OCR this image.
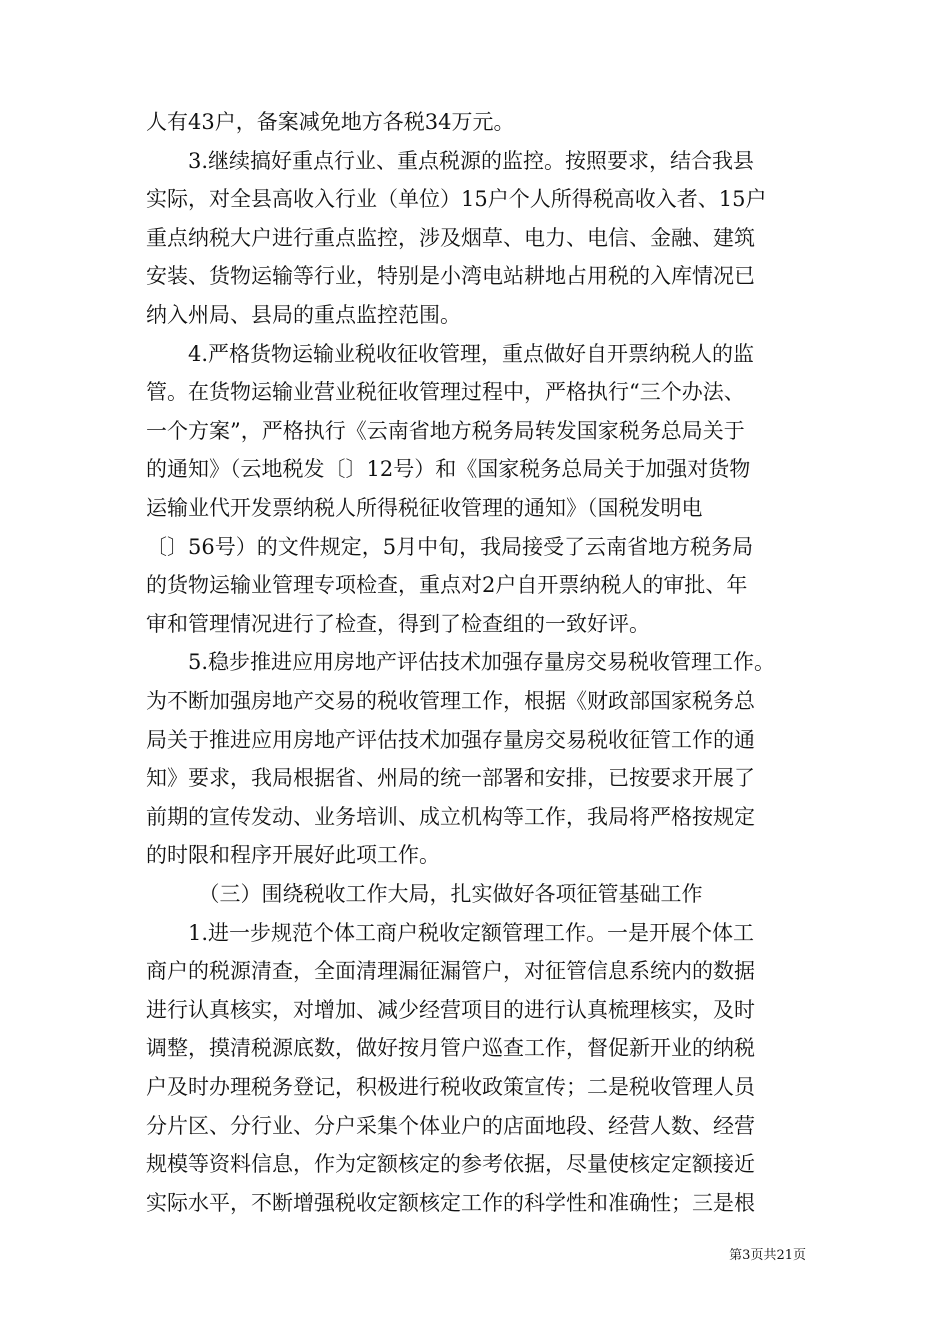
人有43户，备案减免地方各税34万元。
　　3.继续搞好重点行业、重点税源的监控。按照要求，结合我县
实际，对全县高收入行业（单位）15户个人所得税高收入者、15户
重点纳税大户进行重点监控，涉及烟草、电力、电信、金融、建筑
安装、货物运输等行业，特别是小湾电站耕地占用税的入库情况已
纳入州局、县局的重点监控范围。
　　4.严格货物运输业税收征收管理，重点做好自开票纳税人的监
管。在货物运输业营业税征收管理过程中，严格执行“三个办法、
一个方案”，严格执行《云南省地方税务局转发国家税务总局关于
的通知》（云地税发〔〕12号）和《国家税务总局关于加强对货物
运输业代开发票纳税人所得税征收管理的通知》（国税发明电
〔〕56号）的文件规定，5月中旬，我局接受了云南省地方税务局
的货物运输业管理专项检查，重点对2户自开票纳税人的审批、年
审和管理情况进行了检查，得到了检查组的一致好评。
　　5.稳步推进应用房地产评估技术加强存量房交易税收管理工作。
为不断加强房地产交易的税收管理工作，根据《财政部国家税务总
局关于推进应用房地产评估技术加强存量房交易税收征管工作的通
知》要求，我局根据省、州局的统一部署和安排，已按要求开展了
前期的宣传发动、业务培训、成立机构等工作，我局将严格按规定
的时限和程序开展好此项工作。
　　　（三）围绕税收工作大局，扎实做好各项征管基础工作
　　1.进一步规范个体工商户税收定额管理工作。一是开展个体工
商户的税源清查，全面清理漏征漏管户，对征管信息系统内的数据
进行认真核实，对增加、减少经营项目的进行认真梳理核实，及时
调整，摸清税源底数，做好按月管户巡查工作，督促新开业的纳税
户及时办理税务登记，积极进行税收政策宣传；二是税收管理人员
分片区、分行业、分户采集个体业户的店面地段、经营人数、经营
规模等资料信息，作为定额核定的参考依据，尽量使核定定额接近
实际水平，不断增强税收定额核定工作的科学性和准确性；三是根
第3页共21页
